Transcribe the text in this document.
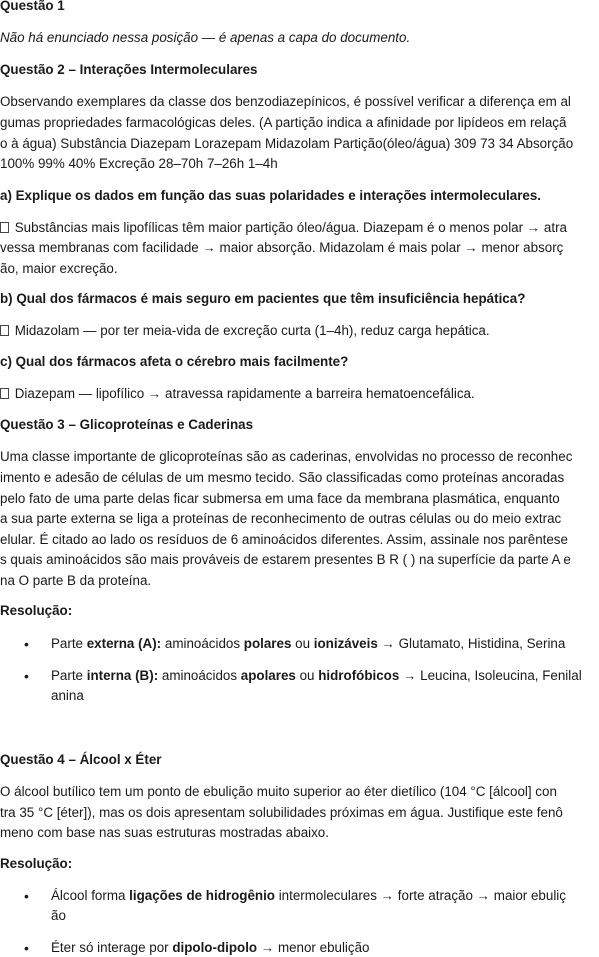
Questão 1
Não há enunciado nessa posição — é apenas a capa do documento.
Questão 2 – Interações Intermoleculares
Observando exemplares da classe dos benzodiazepínicos, é possível verificar a diferença em al
gumas propriedades farmacológicas deles. (A partição indica a afinidade por lipídeos em relaçã
o à água) Substância Diazepam Lorazepam Midazolam Partição(óleo/água) 309 73 34 Absorção
100% 99% 40% Excreção 28–70h 7–26h 1–4h
a) Explique os dados em função das suas polaridades e interações intermoleculares.
Substâncias mais lipofílicas têm maior partição óleo/água. Diazepam é o menos polar → atra
vessa membranas com facilidade → maior absorção. Midazolam é mais polar → menor absorç
ão, maior excreção.
b) Qual dos fármacos é mais seguro em pacientes que têm insuficiência hepática?
Midazolam — por ter meia-vida de excreção curta (1–4h), reduz carga hepática.
c) Qual dos fármacos afeta o cérebro mais facilmente?
Diazepam — lipofílico → atravessa rapidamente a barreira hematoencefálica.
Questão 3 – Glicoproteínas e Caderinas
Uma classe importante de glicoproteínas são as caderinas, envolvidas no processo de reconhec
imento e adesão de células de um mesmo tecido. São classificadas como proteínas ancoradas
pelo fato de uma parte delas ficar submersa em uma face da membrana plasmática, enquanto
a sua parte externa se liga a proteínas de reconhecimento de outras células ou do meio extrac
elular. É citado ao lado os resíduos de 6 aminoácidos diferentes. Assim, assinale nos parêntese
s quais aminoácidos são mais prováveis de estarem presentes B R ( ) na superfície da parte A e
na O parte B da proteína.
Resolução:
• Parte externa (A): aminoácidos polares ou ionizáveis → Glutamato, Histidina, Serina
• Parte interna (B): aminoácidos apolares ou hidrofóbicos → Leucina, Isoleucina, Fenilal
anina
Questão 4 – Álcool x Éter
O álcool butílico tem um ponto de ebulição muito superior ao éter dietílico (104 °C [álcool] con
tra 35 °C [éter]), mas os dois apresentam solubilidades próximas em água. Justifique este fenô
meno com base nas suas estruturas mostradas abaixo.
Resolução:
• Álcool forma ligações de hidrogênio intermoleculares → forte atração → maior ebuliç
ão
• Éter só interage por dipolo-dipolo → menor ebulição
